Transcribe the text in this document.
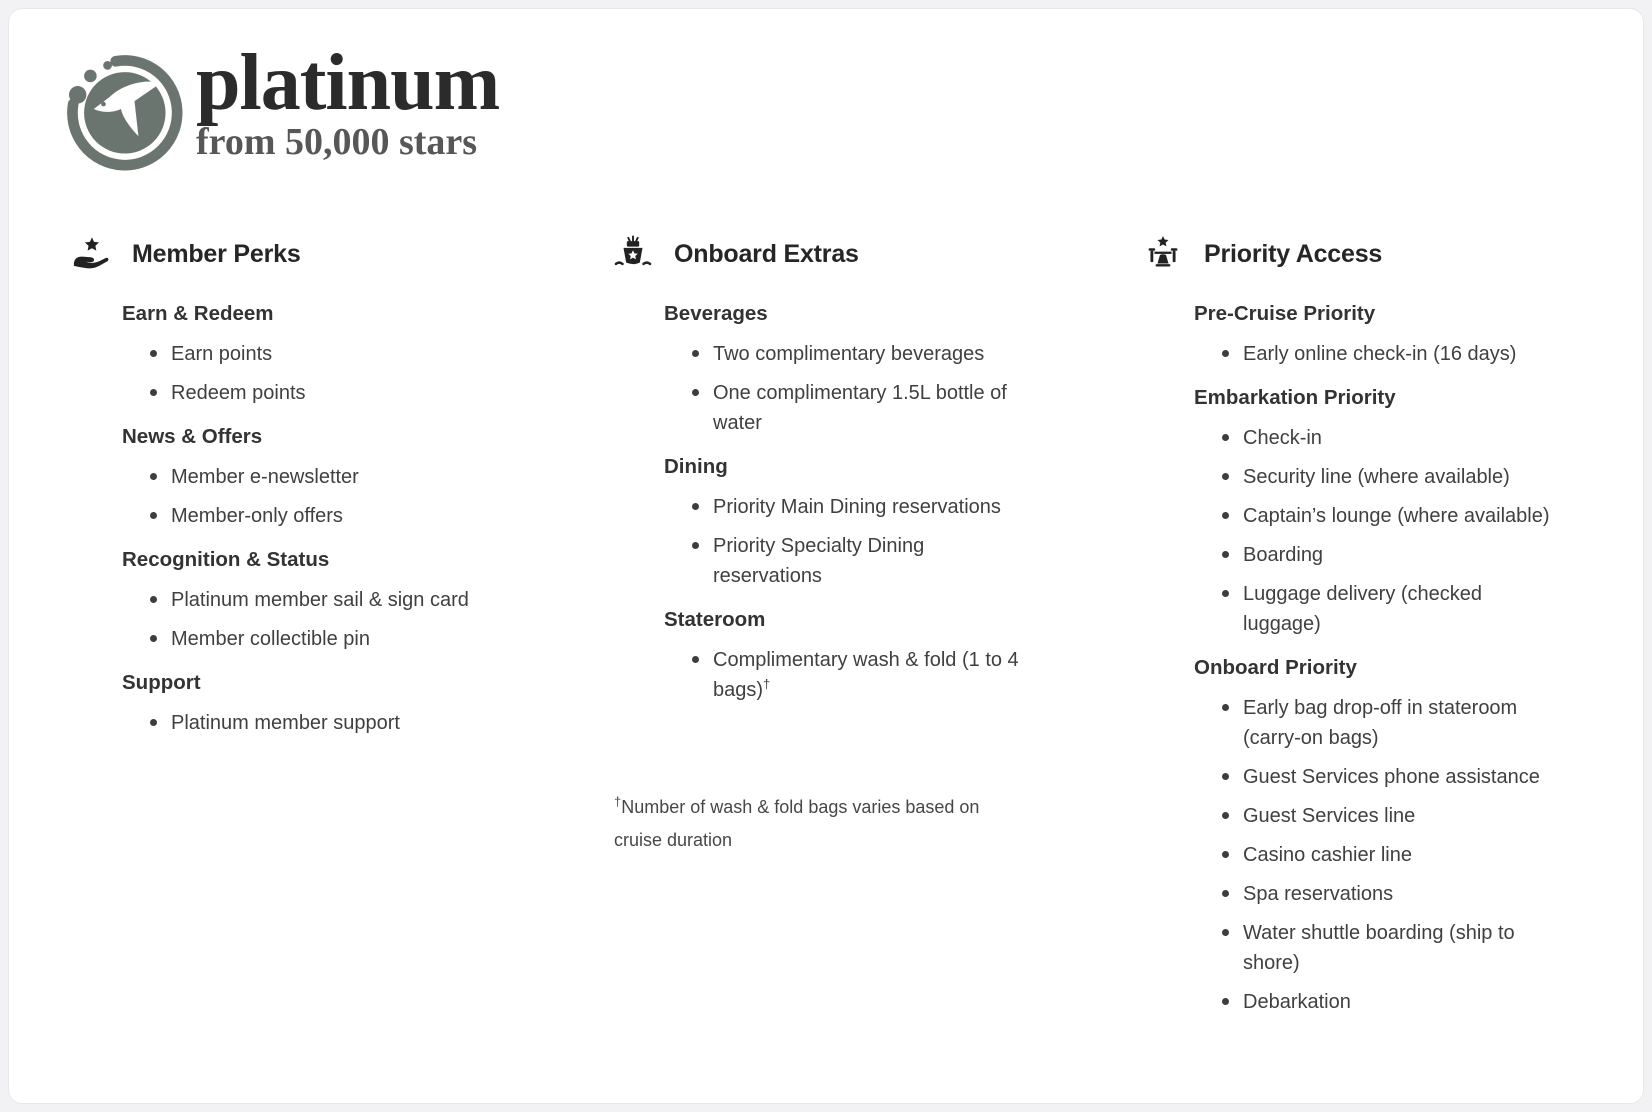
platinum
from 50,000 stars
Member Perks
Earn & Redeem
Earn points
Redeem points
News & Offers
Member e-newsletter
Member-only offers
Recognition & Status
Platinum member sail & sign card
Member collectible pin
Support
Platinum member support
Onboard Extras
Beverages
Two complimentary beverages
One complimentary 1.5L bottle of water
Dining
Priority Main Dining reservations
Priority Specialty Dining reservations
Stateroom
Complimentary wash & fold (1 to 4 bags)†
†Number of wash & fold bags varies based on cruise duration
Priority Access
Pre-Cruise Priority
Early online check-in (16 days)
Embarkation Priority
Check-in
Security line (where available)
Captain’s lounge (where available)
Boarding
Luggage delivery (checked luggage)
Onboard Priority
Early bag drop-off in stateroom (carry-on bags)
Guest Services phone assistance
Guest Services line
Casino cashier line
Spa reservations
Water shuttle boarding (ship to shore)
Debarkation
